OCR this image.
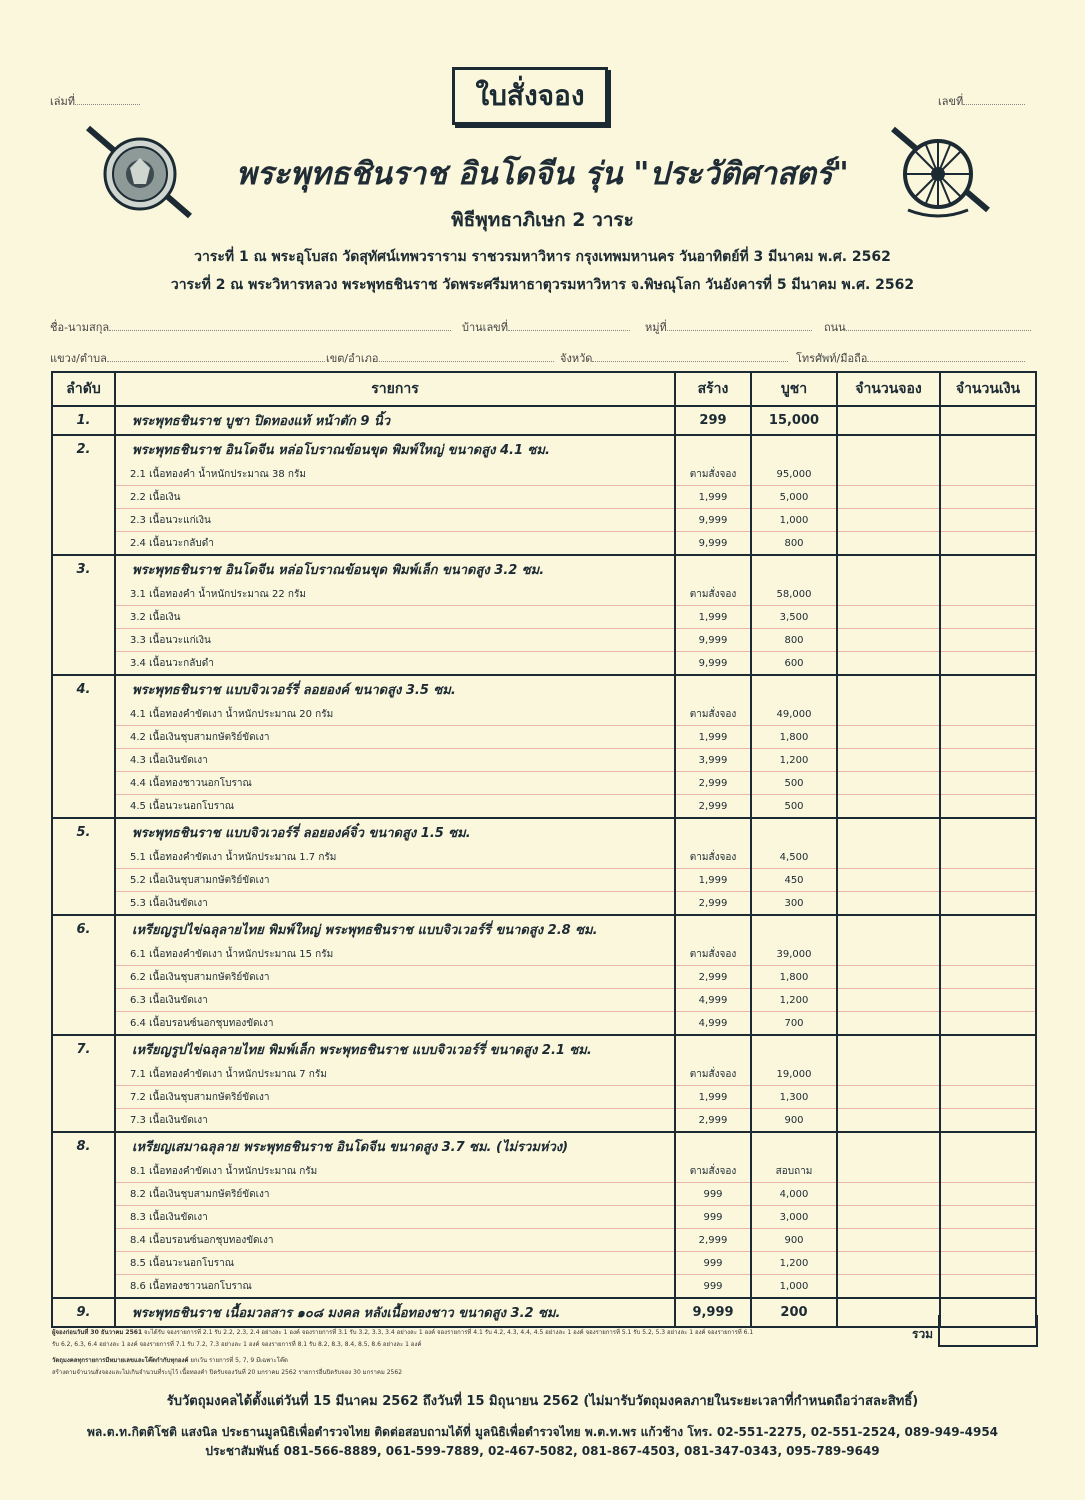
เล่มที่	เลขที่
ใบสั่งจอง
พระพุทธชินราช อินโดจีน รุ่น "ประวัติศาสตร์"
พิธีพุทธาภิเษก 2 วาระ
วาระที่ 1 ณ พระอุโบสถ วัดสุทัศน์เทพวราราม ราชวรมหาวิหาร กรุงเทพมหานคร วันอาทิตย์ที่ 3 มีนาคม พ.ศ. 2562
วาระที่ 2 ณ พระวิหารหลวง พระพุทธชินราช วัดพระศรีมหาธาตุวรมหาวิหาร จ.พิษณุโลก วันอังคารที่ 5 มีนาคม พ.ศ. 2562
ชื่อ-นามสกุล	บ้านเลขที่	หมู่ที่	ถนน
แขวง/ตำบล	เขต/อำเภอ	จังหวัด	โทรศัพท์/มือถือ
ลำดับ	รายการ	สร้าง	บูชา	จำนวนจอง	จำนวนเงิน
1.	พระพุทธชินราช บูชา ปิดทองแท้ หน้าตัก 9 นิ้ว	299	15,000		
2.	พระพุทธชินราช อินโดจีน หล่อโบราณข้อนขุด พิมพ์ใหญ่ ขนาดสูง 4.1 ซม.				
	2.1 เนื้อทองคำ น้ำหนักประมาณ 38 กรัม	ตามสั่งจอง	95,000		
	2.2 เนื้อเงิน	1,999	5,000		
	2.3 เนื้อนวะแก่เงิน	9,999	1,000		
	2.4 เนื้อนวะกลับดำ	9,999	800		
3.	พระพุทธชินราช อินโดจีน หล่อโบราณข้อนขุด พิมพ์เล็ก ขนาดสูง 3.2 ซม.				
	3.1 เนื้อทองคำ น้ำหนักประมาณ 22 กรัม	ตามสั่งจอง	58,000		
	3.2 เนื้อเงิน	1,999	3,500		
	3.3 เนื้อนวะแก่เงิน	9,999	800		
	3.4 เนื้อนวะกลับดำ	9,999	600		
4.	พระพุทธชินราช แบบจิวเวอร์รี่ ลอยองค์ ขนาดสูง 3.5 ซม.				
	4.1 เนื้อทองคำขัดเงา น้ำหนักประมาณ 20 กรัม	ตามสั่งจอง	49,000		
	4.2 เนื้อเงินชุบสามกษัตริย์ขัดเงา	1,999	1,800		
	4.3 เนื้อเงินขัดเงา	3,999	1,200		
	4.4 เนื้อทองชาวนอกโบราณ	2,999	500		
	4.5 เนื้อนวะนอกโบราณ	2,999	500		
5.	พระพุทธชินราช แบบจิวเวอร์รี่ ลอยองค์จิ๋ว ขนาดสูง 1.5 ซม.				
	5.1 เนื้อทองคำขัดเงา น้ำหนักประมาณ 1.7 กรัม	ตามสั่งจอง	4,500		
	5.2 เนื้อเงินชุบสามกษัตริย์ขัดเงา	1,999	450		
	5.3 เนื้อเงินขัดเงา	2,999	300		
6.	เหรียญรูปไข่ฉลุลายไทย พิมพ์ใหญ่ พระพุทธชินราช แบบจิวเวอร์รี่ ขนาดสูง 2.8 ซม.				
	6.1 เนื้อทองคำขัดเงา น้ำหนักประมาณ 15 กรัม	ตามสั่งจอง	39,000		
	6.2 เนื้อเงินชุบสามกษัตริย์ขัดเงา	2,999	1,800		
	6.3 เนื้อเงินขัดเงา	4,999	1,200		
	6.4 เนื้อบรอนซ์นอกชุบทองขัดเงา	4,999	700		
7.	เหรียญรูปไข่ฉลุลายไทย พิมพ์เล็ก พระพุทธชินราช แบบจิวเวอร์รี่ ขนาดสูง 2.1 ซม.				
	7.1 เนื้อทองคำขัดเงา น้ำหนักประมาณ 7 กรัม	ตามสั่งจอง	19,000		
	7.2 เนื้อเงินชุบสามกษัตริย์ขัดเงา	1,999	1,300		
	7.3 เนื้อเงินขัดเงา	2,999	900		
8.	เหรียญเสมาฉลุลาย พระพุทธชินราช อินโดจีน ขนาดสูง 3.7 ซม. (ไม่รวมห่วง)				
	8.1 เนื้อทองคำขัดเงา น้ำหนักประมาณ กรัม	ตามสั่งจอง	สอบถาม		
	8.2 เนื้อเงินชุบสามกษัตริย์ขัดเงา	999	4,000		
	8.3 เนื้อเงินขัดเงา	999	3,000		
	8.4 เนื้อบรอนซ์นอกชุบทองขัดเงา	2,999	900		
	8.5 เนื้อนวะนอกโบราณ	999	1,200		
	8.6 เนื้อทองชาวนอกโบราณ	999	1,000		
9.	พระพุทธชินราช เนื้อมวลสาร ๑๐๘ มงคล หลังเนื้อทองชาว ขนาดสูง 3.2 ซม.	9,999	200		
รวม
ผู้จองก่อนวันที่ 30 ธันวาคม 2561 จะได้รับ จองรายการที่ 2.1 รับ 2.2, 2.3, 2.4 อย่างละ 1 องค์ จองรายการที่ 3.1 รับ 3.2, 3.3, 3.4 อย่างละ 1 องค์ จองรายการที่ 4.1 รับ 4.2, 4.3, 4.4, 4.5 อย่างละ 1 องค์ จองรายการที่ 5.1 รับ 5.2, 5.3 อย่างละ 1 องค์ จองรายการที่ 6.1
รับ 6.2, 6.3, 6.4 อย่างละ 1 องค์ จองรายการที่ 7.1 รับ 7.2, 7.3 อย่างละ 1 องค์ จองรายการที่ 8.1 รับ 8.2, 8.3, 8.4, 8.5, 8.6 อย่างละ 1 องค์
วัตถุมงคลทุกรายการมีหมายเลขและโค๊ดกำกับทุกองค์ ยกเว้น รายการที่ 5, 7, 9 มีเฉพาะโค๊ด
สร้างตามจำนวนสั่งจองและไม่เกินจำนวนที่ระบุไว้ เนื้อทองคำ ปิดรับจองวันที่ 20 มกราคม 2562 รายการอื่นปิดรับจอง 30 มกราคม 2562
รับวัตถุมงคลได้ตั้งแต่วันที่ 15 มีนาคม 2562 ถึงวันที่ 15 มิถุนายน 2562 (ไม่มารับวัตถุมงคลภายในระยะเวลาที่กำหนดถือว่าสละสิทธิ์)
พล.ต.ท.กิตติโชติ แสงนิล ประธานมูลนิธิเพื่อตำรวจไทย ติดต่อสอบถามได้ที่ มูลนิธิเพื่อตำรวจไทย พ.ต.ท.พร แก้วช้าง โทร. 02-551-2275, 02-551-2524, 089-949-4954
ประชาสัมพันธ์ 081-566-8889, 061-599-7889, 02-467-5082, 081-867-4503, 081-347-0343, 095-789-9649
